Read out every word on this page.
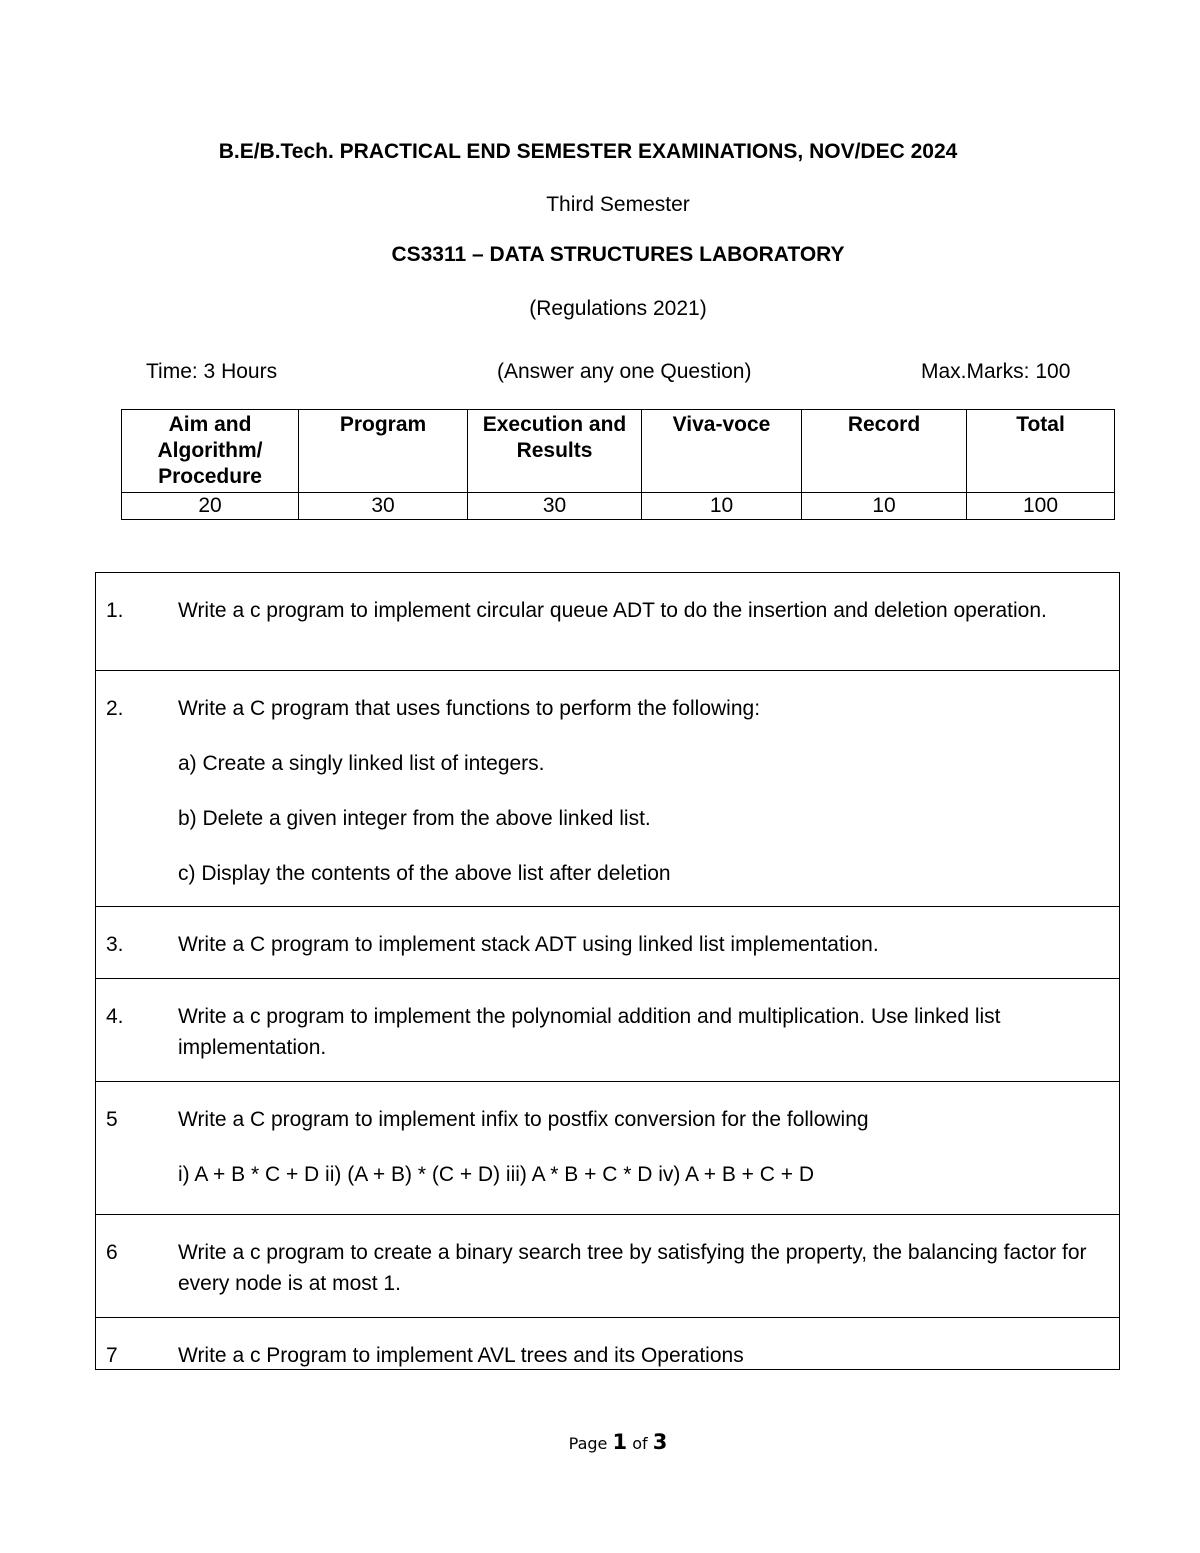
B.E/B.Tech. PRACTICAL END SEMESTER EXAMINATIONS, NOV/DEC 2024
Third Semester
CS3311 – DATA STRUCTURES LABORATORY
(Regulations 2021)
Time: 3 Hours	(Answer any one Question)	Max.Marks: 100
Aim and Algorithm/ Procedure	Program	Execution and Results	Viva-voce	Record	Total
20	30	30	10	10	100
1.	Write a c program to implement circular queue ADT to do the insertion and deletion operation.

2.	Write a C program that uses functions to perform the following:

a) Create a singly linked list of integers.

b) Delete a given integer from the above linked list.

c) Display the contents of the above list after deletion

3.	Write a C program to implement stack ADT using linked list implementation.

4.	Write a c program to implement the polynomial addition and multiplication. Use linked list implementation.

5	Write a C program to implement infix to postfix conversion for the following

i) A + B * C + D ii) (A + B) * (C + D) iii) A * B + C * D iv) A + B + C + D

6	Write a c program to create a binary search tree by satisfying the property, the balancing factor for every node is at most 1.

7	Write a c Program to implement AVL trees and its Operations

Page 1 of 3
